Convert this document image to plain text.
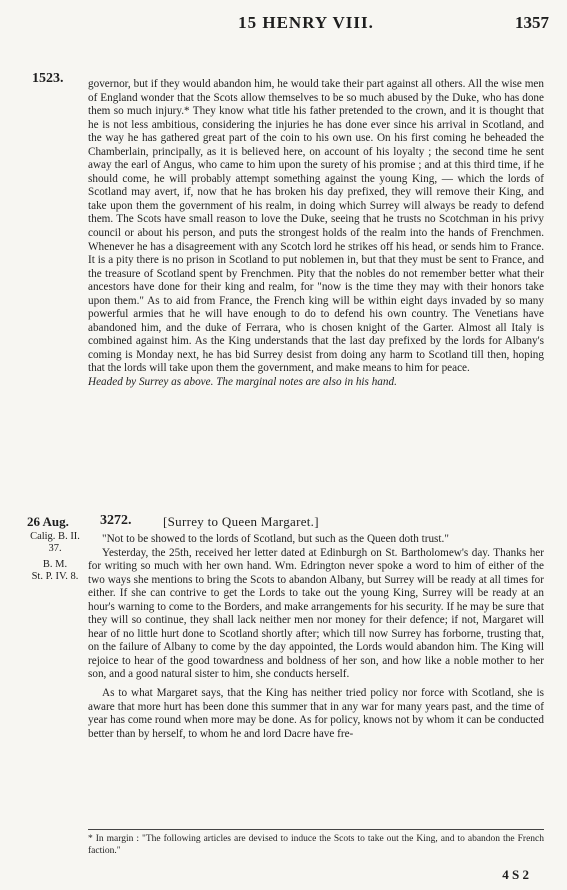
15 HENRY VIII.	1357
1523. governor, but if they would abandon him, he would take their part against all others. All the wise men of England wonder that the Scots allow themselves to be so much abused by the Duke, who has done them so much injury.* They know what title his father pretended to the crown, and it is thought that he is not less ambitious, considering the injuries he has done ever since his arrival in Scotland, and the way he has gathered great part of the coin to his own use. On his first coming he beheaded the Chamberlain, principally, as it is believed here, on account of his loyalty ; the second time he sent away the earl of Angus, who came to him upon the surety of his promise ; and at this third time, if he should come, he will probably attempt something against the young King, — which the lords of Scotland may avert, if, now that he has broken his day prefixed, they will remove their King, and take upon them the government of his realm, in doing which Surrey will always be ready to defend them. The Scots have small reason to love the Duke, seeing that he trusts no Scotchman in his privy council or about his person, and puts the strongest holds of the realm into the hands of Frenchmen. Whenever he has a disagreement with any Scotch lord he strikes off his head, or sends him to France. It is a pity there is no prison in Scotland to put noblemen in, but that they must be sent to France, and the treasure of Scotland spent by Frenchmen. Pity that the nobles do not remember better what their ancestors have done for their king and realm, for "now is the time they may with their honors take upon them." As to aid from France, the French king will be within eight days invaded by so many powerful armies that he will have enough to do to defend his own country. The Venetians have abandoned him, and the duke of Ferrara, who is chosen knight of the Garter. Almost all Italy is combined against him. As the King understands that the last day prefixed by the lords for Albany's coming is Monday next, he has bid Surrey desist from doing any harm to Scotland till then, hoping that the lords will take upon them the government, and make means to him for peace.

Headed by Surrey as above. The marginal notes are also in his hand.

26 Aug. 3272. [Surrey to Queen Margaret.]
Calig. B. II.
37.
B. M.
St. P. IV. 8.

"Not to be showed to the lords of Scotland, but such as the Queen doth trust."

Yesterday, the 25th, received her letter dated at Edinburgh on St. Bartholomew's day. Thanks her for writing so much with her own hand. Wm. Edrington never spoke a word to him of either of the two ways she mentions to bring the Scots to abandon Albany, but Surrey will be ready at all times for either. If she can contrive to get the Lords to take out the young King, Surrey will be ready at an hour's warning to come to the Borders, and make arrangements for his security. If he may be sure that they will so continue, they shall lack neither men nor money for their defence; if not, Margaret will hear of no little hurt done to Scotland shortly after; which till now Surrey has forborne, trusting that, on the failure of Albany to come by the day appointed, the Lords would abandon him. The King will rejoice to hear of the good towardness and boldness of her son, and how like a noble mother to her son, and a good natural sister to him, she conducts herself.

As to what Margaret says, that the King has neither tried policy nor force with Scotland, she is aware that more hurt has been done this summer that in any war for many years past, and the time of year has come round when more may be done. As for policy, knows not by whom it can be conducted better than by herself, to whom he and lord Dacre have fre-

* In margin : "The following articles are devised to induce the Scots to take out the King, and to abandon the French faction."
4 S 2
